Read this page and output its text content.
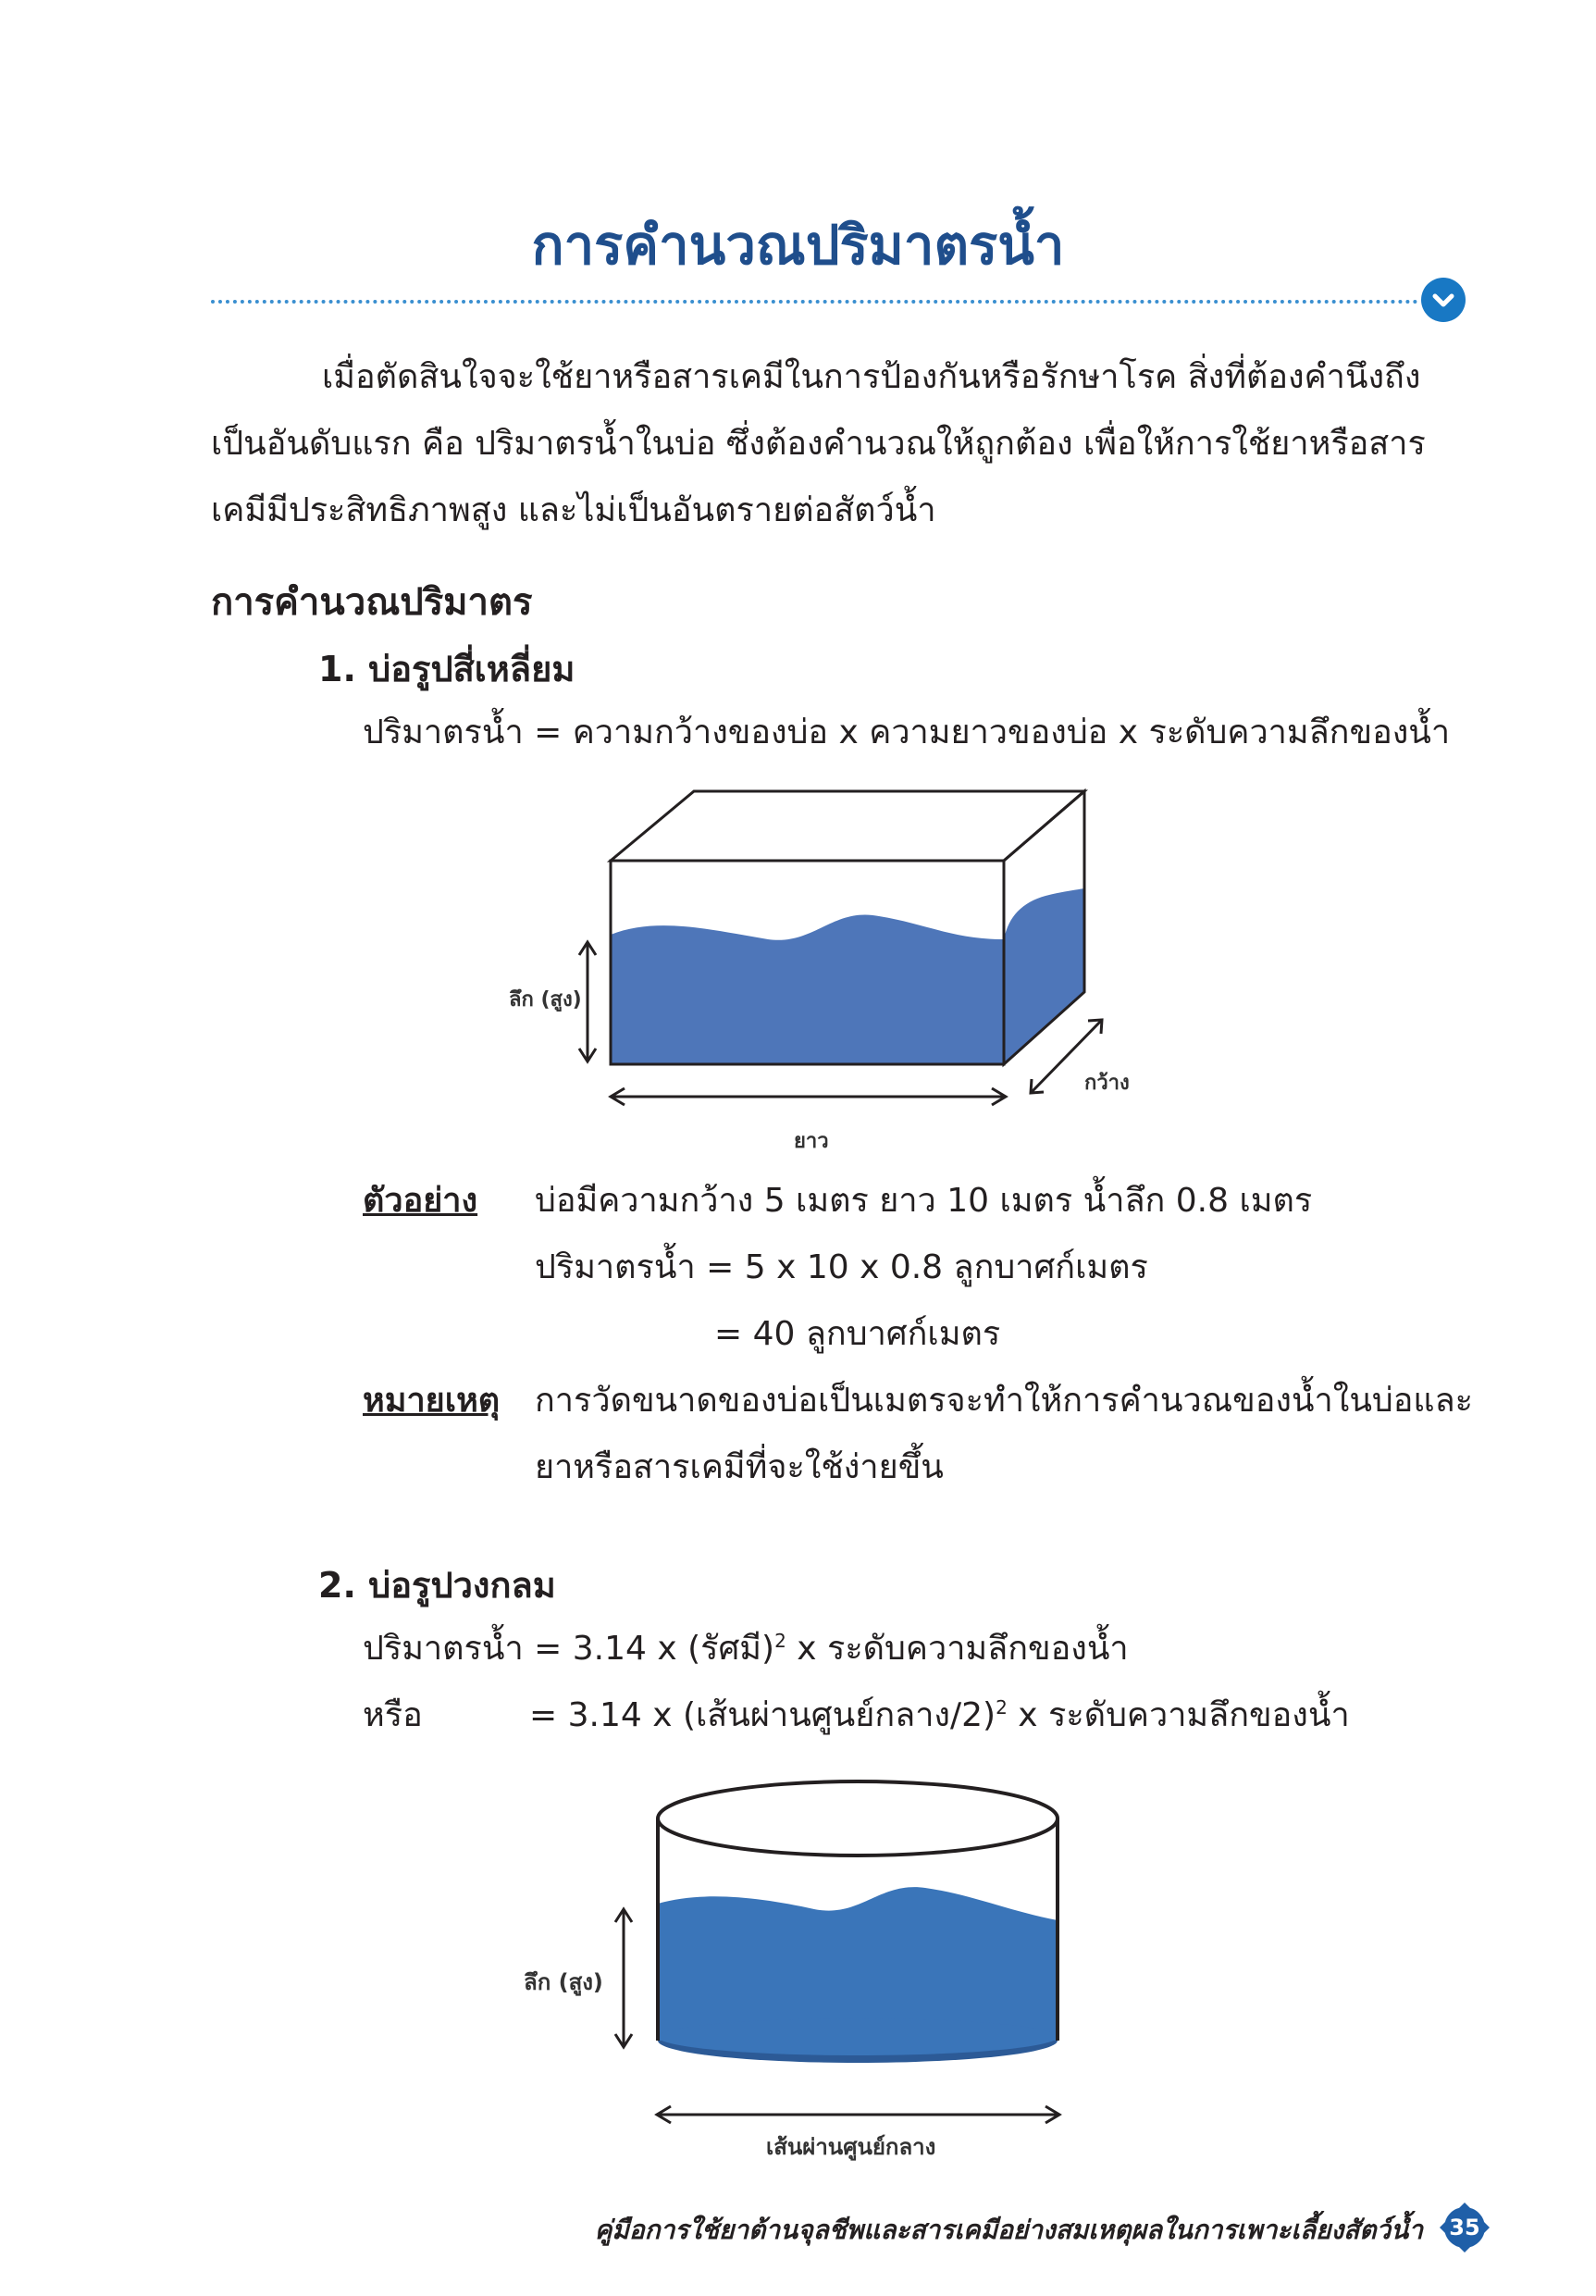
การคำนวณปริมาตรน้ำ
เมื่อตัดสินใจจะใช้ยาหรือสารเคมีในการป้องกันหรือรักษาโรค สิ่งที่ต้องคำนึงถึงเป็นอันดับแรก คือ ปริมาตรน้ำในบ่อ ซึ่งต้องคำนวณให้ถูกต้อง เพื่อให้การใช้ยาหรือสารเคมีมีประสิทธิภาพสูง และไม่เป็นอันตรายต่อสัตว์น้ำ
การคำนวณปริมาตร
1. บ่อรูปสี่เหลี่ยม
ปริมาตรน้ำ = ความกว้างของบ่อ x ความยาวของบ่อ x ระดับความลึกของน้ำ
ลึก (สูง)
กว้าง
ยาว
ตัวอย่าง บ่อมีความกว้าง 5 เมตร ยาว 10 เมตร น้ำลึก 0.8 เมตร
ปริมาตรน้ำ = 5 x 10 x 0.8 ลูกบาศก์เมตร
= 40 ลูกบาศก์เมตร
หมายเหตุ การวัดขนาดของบ่อเป็นเมตรจะทำให้การคำนวณของน้ำในบ่อและ
ยาหรือสารเคมีที่จะใช้ง่ายขึ้น
2. บ่อรูปวงกลม
ปริมาตรน้ำ = 3.14 x (รัศมี)$^2$ x ระดับความลึกของน้ำ
หรือ	= 3.14 x (เส้นผ่านศูนย์กลาง/2)$^2$ x ระดับความลึกของน้ำ
ลึก (สูง)
เส้นผ่านศูนย์กลาง
คู่มือการใช้ยาต้านจุลชีพและสารเคมีอย่างสมเหตุผลในการเพาะเลี้ยงสัตว์น้ำ	35
